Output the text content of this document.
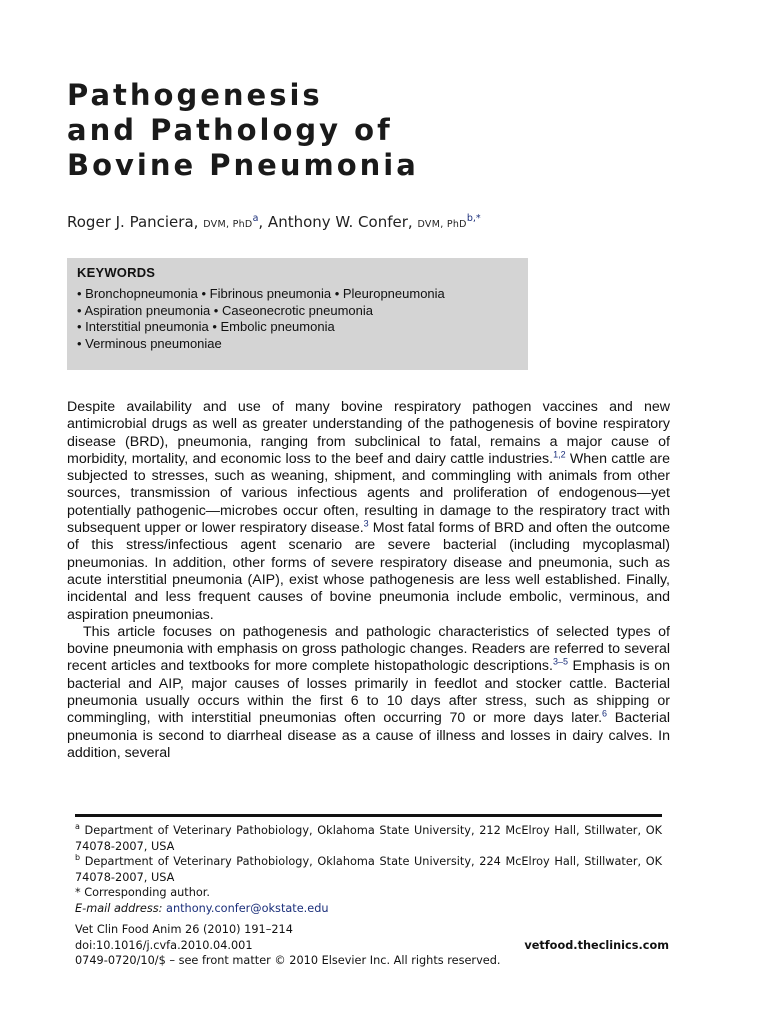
Pathogenesis
and Pathology of
Bovine Pneumonia
Roger J. Panciera, DVM, PhD$^a$, Anthony W. Confer, DVM, PhD$^{b,*}$
KEYWORDS
• Bronchopneumonia • Fibrinous pneumonia • Pleuropneumonia
• Aspiration pneumonia • Caseonecrotic pneumonia
• Interstitial pneumonia • Embolic pneumonia
• Verminous pneumoniae

Despite availability and use of many bovine respiratory pathogen vaccines and new antimicrobial drugs as well as greater understanding of the pathogenesis of bovine respiratory disease (BRD), pneumonia, ranging from subclinical to fatal, remains a major cause of morbidity, mortality, and economic loss to the beef and dairy cattle industries.$^{1,2}$ When cattle are subjected to stresses, such as weaning, shipment, and commingling with animals from other sources, transmission of various infectious agents and proliferation of endogenous—yet potentially pathogenic—microbes occur often, resulting in damage to the respiratory tract with subsequent upper or lower respiratory disease.$^3$ Most fatal forms of BRD and often the outcome of this stress/infectious agent scenario are severe bacterial (including mycoplasmal) pneumonias. In addition, other forms of severe respiratory disease and pneumonia, such as acute interstitial pneumonia (AIP), exist whose pathogenesis are less well established. Finally, incidental and less frequent causes of bovine pneumonia include embolic, verminous, and aspiration pneumonias.

This article focuses on pathogenesis and pathologic characteristics of selected types of bovine pneumonia with emphasis on gross pathologic changes. Readers are referred to several recent articles and textbooks for more complete histopathologic descriptions.$^{3-5}$ Emphasis is on bacterial and AIP, major causes of losses primarily in feedlot and stocker cattle. Bacterial pneumonia usually occurs within the first 6 to 10 days after stress, such as shipping or commingling, with interstitial pneumonias often occurring 70 or more days later.$^6$ Bacterial pneumonia is second to diarrheal disease as a cause of illness and losses in dairy calves. In addition, several

$^a$ Department of Veterinary Pathobiology, Oklahoma State University, 212 McElroy Hall, Stillwater, OK 74078-2007, USA

$^b$ Department of Veterinary Pathobiology, Oklahoma State University, 224 McElroy Hall, Stillwater, OK 74078-2007, USA

* Corresponding author.

E-mail address: anthony.confer@okstate.edu

Vet Clin Food Anim 26 (2010) 191–214
doi:10.1016/j.cvfa.2010.04.001	vetfood.theclinics.com
0749-0720/10/$ – see front matter © 2010 Elsevier Inc. All rights reserved.
